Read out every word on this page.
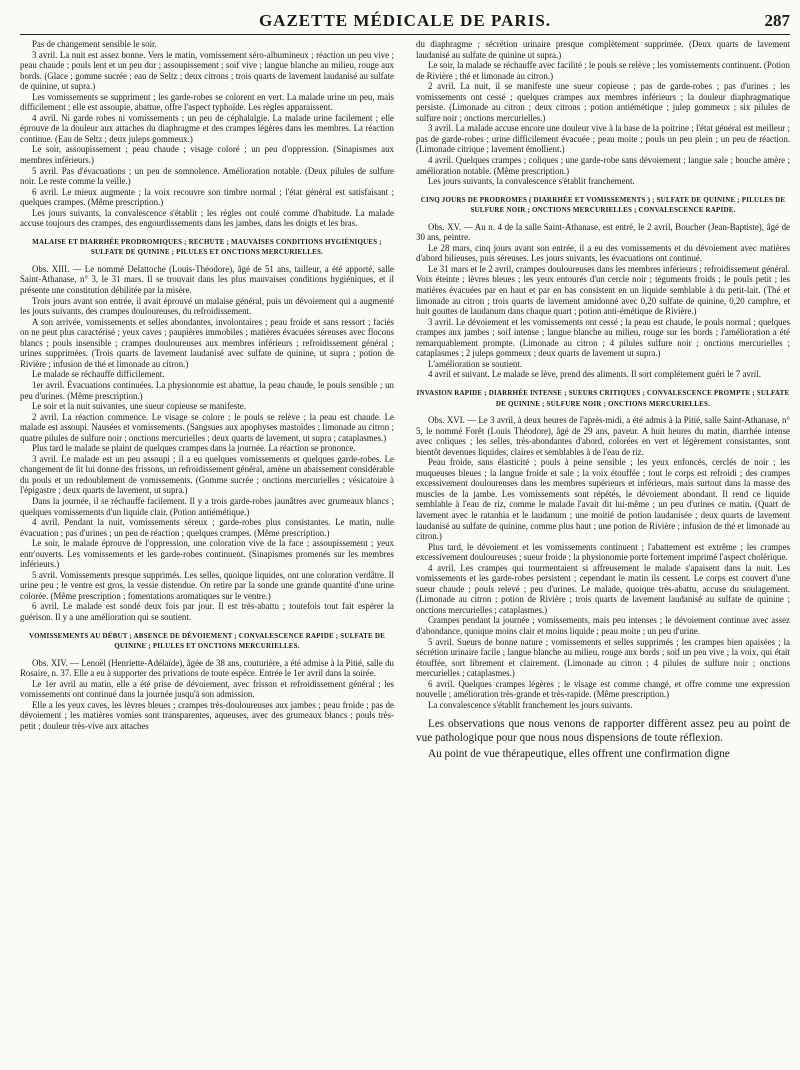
GAZETTE MÉDICALE DE PARIS.	287

Pas de changement sensible le soir.

3 avril. La nuit est assez bonne. Vers le matin, vomissement séro-albumineux ; réaction un peu vive ; peau chaude ; pouls lent et un peu dur ; assoupissement ; soif vive ; langue blanche au milieu, rouge aux bords. (Glace ; gomme sucrée ; eau de Seltz ; deux citrons ; trois quarts de lavement laudanisé au sulfate de quinine, ut supra.)

Les vomissements se suppriment ; les garde-robes se colorent en vert. La malade urine un peu, mais difficilement ; elle est assoupie, abattue, offre l'aspect typhoïde. Les règles apparaissent.

4 avril. Ni garde robes ni vomissements ; un peu de céphalalgie. La malade urine facilement ; elle éprouve de la douleur aux attaches du diaphragme et des crampes légères dans les membres. La réaction continue. (Eau de Seltz ; deux juleps gommeux.)

Le soir, assoupissement ; peau chaude ; visage coloré ; un peu d'oppression. (Sinapismes aux membres inférieurs.)

5 avril. Pas d'évacuations ; un peu de somnolence. Amélioration notable. (Deux pilules de sulfure noir. Le reste comme la veille.)

6 avril. Le mieux augmente ; la voix recouvre son timbre normal ; l'état général est satisfaisant ; quelques crampes. (Même prescription.)

Les jours suivants, la convalescence s'établit ; les règles ont coulé comme d'habitude. La malade accuse toujours des crampes, des engourdissements dans les jambes, dans les doigts et les bras.

MALAISE ET DIARRHÉE PRODROMIQUES ; RECHUTE ; MAUVAISES CONDITIONS HYGIÉNIQUES ; SULFATE DE QUININE ; PILULES ET ONCTIONS MERCURIELLES.

Obs. XIII. — Le nommé Delattoche (Louis-Théodore), âgé de 51 ans, tailleur, a été apporté, salle Saint-Athanase, n° 3, le 31 mars. Il se trouvait dans les plus mauvaises conditions hygiéniques, et il présente une constitution débilitée par la misère.

Trois jours avant son entrée, il avait éprouvé un malaise général, puis un dévoiement qui a augmenté les jours suivants, des crampes douloureuses, du refroidissement.

A son arrivée, vomissements et selles abondantes, involontaires ; peau froide et sans ressort ; faciès on ne peut plus caractérisé ; yeux caves ; paupières immobiles ; matières évacuées séreuses avec flocons blancs ; pouls insensible ; crampes douloureuses aux membres inférieurs ; refroidissement général ; urines supprimées. (Trois quarts de lavement laudanisé avec sulfate de quinine, ut supra ; potion de Rivière ; infusion de thé et limonade au citron.)

Le malade se réchauffe difficilement.

1er avril. Évacuations continuées. La physionomie est abattue, la peau chaude, le pouls sensible ; un peu d'urines. (Même prescription.)

Le soir et la nuit suivantes, une sueur copieuse se manifeste.

2 avril. La réaction commence. Le visage se colore ; le pouls se relève ; la peau est chaude. Le malade est assoupi. Nausées et vomissements. (Sangsues aux apophyses mastoïdes ; limonade au citron ; quatre pilules de sulfure noir ; onctions mercurielles ; deux quarts de lavement, ut supra ; cataplasmes.)

Plus tard le malade se plaint de quelques crampes dans la journée. La réaction se prononce.

3 avril. Le malade est un peu assoupi ; il a eu quelques vomissements et quelques garde-robes. Le changement de lit lui donne des frissons, un refroidissement général, amène un abaissement considérable du pouls et un redoublement de vomissements. (Gomme sucrée ; onctions mercurielles ; vésicatoire à l'épigastre ; deux quarts de lavement, ut supra.)

Dans la journée, il se réchauffe facilement. Il y a trois garde-robes jaunâtres avec grumeaux blancs ; quelques vomissements d'un liquide clair. (Potion antiémétique.)

4 avril. Pendant la nuit, vomissements séreux ; garde-robes plus consistantes. Le matin, nulle évacuation ; pas d'urines ; un peu de réaction ; quelques crampes. (Même prescription.)

Le soir, le malade éprouve de l'oppression, une coloration vive de la face ; assoupissement ; yeux entr'ouverts. Les vomissements et les garde-robes continuent. (Sinapismes promenés sur les membres inférieurs.)

5 avril. Vomissements presque supprimés. Les selles, quoique liquides, ont une coloration verdâtre. Il urine peu ; le ventre est gros, la vessie distendue. On retire par la sonde une grande quantité d'une urine colorée. (Même prescription ; fomentations aromatiques sur le ventre.)

6 avril. Le malade est sondé deux fois par jour. Il est très-abattu ; toutefois tout fait espérer la guérison. Il y a une amélioration qui se soutient.

VOMISSEMENTS AU DÉBUT ; ABSENCE DE DÉVOIEMENT ; CONVALESCENCE RAPIDE ; SULFATE DE QUININE ; PILULES ET ONCTIONS MERCURIELLES.

Obs. XIV. — Lenoël (Henriette-Adélaïde), âgée de 38 ans, couturière, a été admise à la Pitié, salle du Rosaire, n. 37. Elle a eu à supporter des privations de toute espèce. Entrée le 1er avril dans la soirée.

Le 1er avril au matin, elle a été prise de dévoiement, avec frisson et refroidissement général ; les vomissements ont continué dans la journée jusqu'à son admission.

Elle a les yeux caves, les lèvres bleues ; crampes très-douloureuses aux jambes ; peau froide ; pas de dévoiement ; les matières vomies sont transparentes, aqueuses, avec des grumeaux blancs ; pouls très-petit ; douleur très-vive aux attaches

du diaphragme ; sécrétion urinaire presque complètement supprimée. (Deux quarts de lavement laudanisé au sulfate de quinine ut supra.)

Le soir, la malade se réchauffe avec facilité ; le pouls se relève ; les vomissements continuent. (Potion de Rivière ; thé et limonade au citron.)

2 avril. La nuit, il se manifeste une sueur copieuse ; pas de garde-robes ; pas d'urines ; les vomissements ont cessé ; quelques crampes aux membres inférieurs ; la douleur diaphragmatique persiste. (Limonade au citron ; deux citrons ; potion antiémétique ; julep gommeux ; six pilules de sulfure noir ; onctions mercurielles.)

3 avril. La malade accuse encore une douleur vive à la base de la poitrine ; l'état général est meilleur ; pas de garde-robes ; urine difficilement évacuée ; peau moite ; pouls un peu plein ; un peu de réaction. (Limonade citrique ; lavement émollient.)

4 avril. Quelques crampes ; coliques ; une garde-robe sans dévoiement ; langue sale ; bouche amère ; amélioration notable. (Même prescription.)

Les jours suivants, la convalescence s'établit franchement.

CINQ JOURS DE PRODROMES ( DIARRHÉE ET VOMISSEMENTS ) ; SULFATE DE QUININE ; PILULES DE SULFURE NOIR ; ONCTIONS MERCURIELLES ; CONVALESCENCE RAPIDE.

Obs. XV. — Au n. 4 de la salle Saint-Athanase, est entré, le 2 avril, Boucher (Jean-Baptiste), âgé de 30 ans, peintre.

Le 28 mars, cinq jours avant son entrée, il a eu des vomissements et du dévoiement avec matières d'abord bilieuses, puis séreuses. Les jours suivants, les évacuations ont continué.

Le 31 mars et le 2 avril, crampes douloureuses dans les membres inférieurs ; refroidissement général. Voix éteinte ; lèvres bleues ; les yeux entourés d'un cercle noir ; téguments froids ; le pouls petit ; les matières évacuées par en haut et par en bas consistent en un liquide semblable à du petit-lait. (Thé et limonade au citron ; trois quarts de lavement amidonné avec 0,20 sulfate de quinine, 0,20 camphre, et huit gouttes de laudanum dans chaque quart ; potion anti-émétique de Rivière.)

3 avril. Le dévoiement et les vomissements ont cessé ; la peau est chaude, le pouls normal ; quelques crampes aux jambes ; soif intense ; langue blanche au milieu, rouge sur les bords ; l'amélioration a été remarquablement prompte. (Limonade au citron ; 4 pilules sulfure noir ; onctions mercurielles ; cataplasmes ; 2 juleps gommeux ; deux quarts de lavement ut supra.)

L'amélioration se soutient.

4 avril et suivant. Le malade se lève, prend des aliments. Il sort complétement guéri le 7 avril.

INVASION RAPIDE ; DIARRHÉE INTENSE ; SUEURS CRITIQUES ; CONVALESCENCE PROMPTE ; SULFATE DE QUININE ; SULFURE NOIR ; ONCTIONS MERCURIELLES.

Obs. XVI. — Le 3 avril, à deux heures de l'après-midi, a été admis à la Pitié, salle Saint-Athanase, n° 5, le nommé Forêt (Louis Théodore), âgé de 29 ans, paveur. A huit heures du matin, diarrhée intense avec coliques ; les selles, très-abondantes d'abord, colorées en vert et légèrement consistantes, sont bientôt devenues liquides, claires et semblables à de l'eau de riz.

Peau froide, sans élasticité ; pouls à peine sensible ; les yeux enfoncés, cerclés de noir ; les muqueuses bleues ; la langue froide et sale ; la voix étouffée ; tout le corps est refroidi ; des crampes excessivement douloureuses dans les membres supérieurs et inférieurs, mais surtout dans la masse des muscles de la jambe. Les vomissements sont répétés, le dévoiement abondant. Il rend ce liquide semblable à l'eau de riz, comme le malade l'avait dit lui-même ; un peu d'urines ce matin. (Quart de lavement avec le ratanhia et le laudanum ; une moitié de potion laudanisée ; deux quarts de lavement laudanisé au sulfate de quinine, comme plus haut ; une potion de Rivière ; infusion de thé et limonade au citron.)

Plus tard, le dévoiement et les vomissements continuent ; l'abattement est extrême ; les crampes excessivement douloureuses ; sueur froide ; la physionomie porte fortement imprimé l'aspect cholérique.

4 avril. Les crampes qui tourmentaient si affreusement le malade s'apaisent dans la nuit. Les vomissements et les garde-robes persistent ; cependant le matin ils cessent. Le corps est couvert d'une sueur chaude ; pouls relevé ; peu d'urines. Le malade, quoique très-abattu, accuse du soulagement. (Limonade au citron ; potion de Rivière ; trois quarts de lavement laudanisé au sulfate de quinine ; onctions mercurielles ; cataplasmes.)

Crampes pendant la journée ; vomissements, mais peu intenses ; le dévoiement continue avec assez d'abondance, quoique moins clair et moins liquide ; peau moite ; un peu d'urine.

5 avril. Sueurs de bonne nature ; vomissements et selles supprimés ; les crampes bien apaisées ; la sécrétion urinaire facile ; langue blanche au milieu, rouge aux bords ; soif un peu vive ; la voix, qui était étouffée, sort librement et clairement. (Limonade au citron ; 4 pilules de sulfure noir ; onctions mercurielles ; cataplasmes.)

6 avril. Quelques crampes légères ; le visage est comme changé, et offre comme une expression nouvelle ; amélioration très-grande et très-rapide. (Même prescription.)

La convalescence s'établit franchement les jours suivants.

Les observations que nous venons de rapporter diffèrent assez peu au point de vue pathologique pour que nous nous dispensions de toute réflexion.

Au point de vue thérapeutique, elles offrent une confirmation digne
